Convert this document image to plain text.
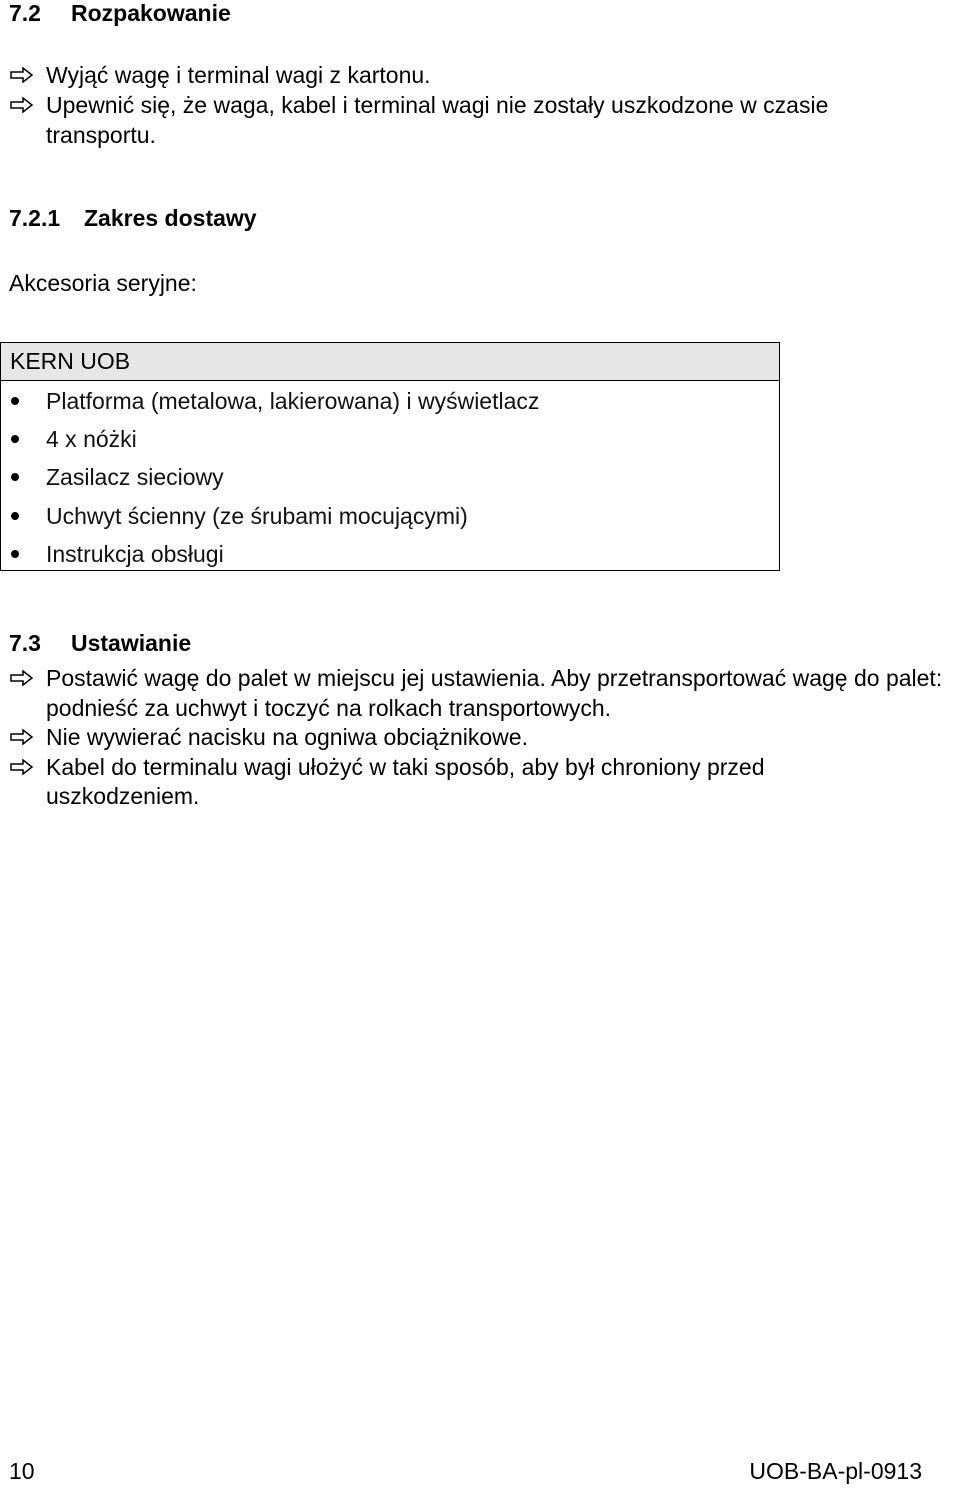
7.2 Rozpakowanie
Wyjąć wagę i terminal wagi z kartonu.
Upewnić się, że waga, kabel i terminal wagi nie zostały uszkodzone w czasie transportu.
7.2.1 Zakres dostawy
Akcesoria seryjne:
KERN UOB
Platforma (metalowa, lakierowana) i wyświetlacz
4 x nóżki
Zasilacz sieciowy
Uchwyt ścienny (ze śrubami mocującymi)
Instrukcja obsługi
7.3 Ustawianie
Postawić wagę do palet w miejscu jej ustawienia. Aby przetransportować wagę do palet: podnieść za uchwyt i toczyć na rolkach transportowych.
Nie wywierać nacisku na ogniwa obciążnikowe.
Kabel do terminalu wagi ułożyć w taki sposób, aby był chroniony przed uszkodzeniem.
10	UOB-BA-pl-0913
